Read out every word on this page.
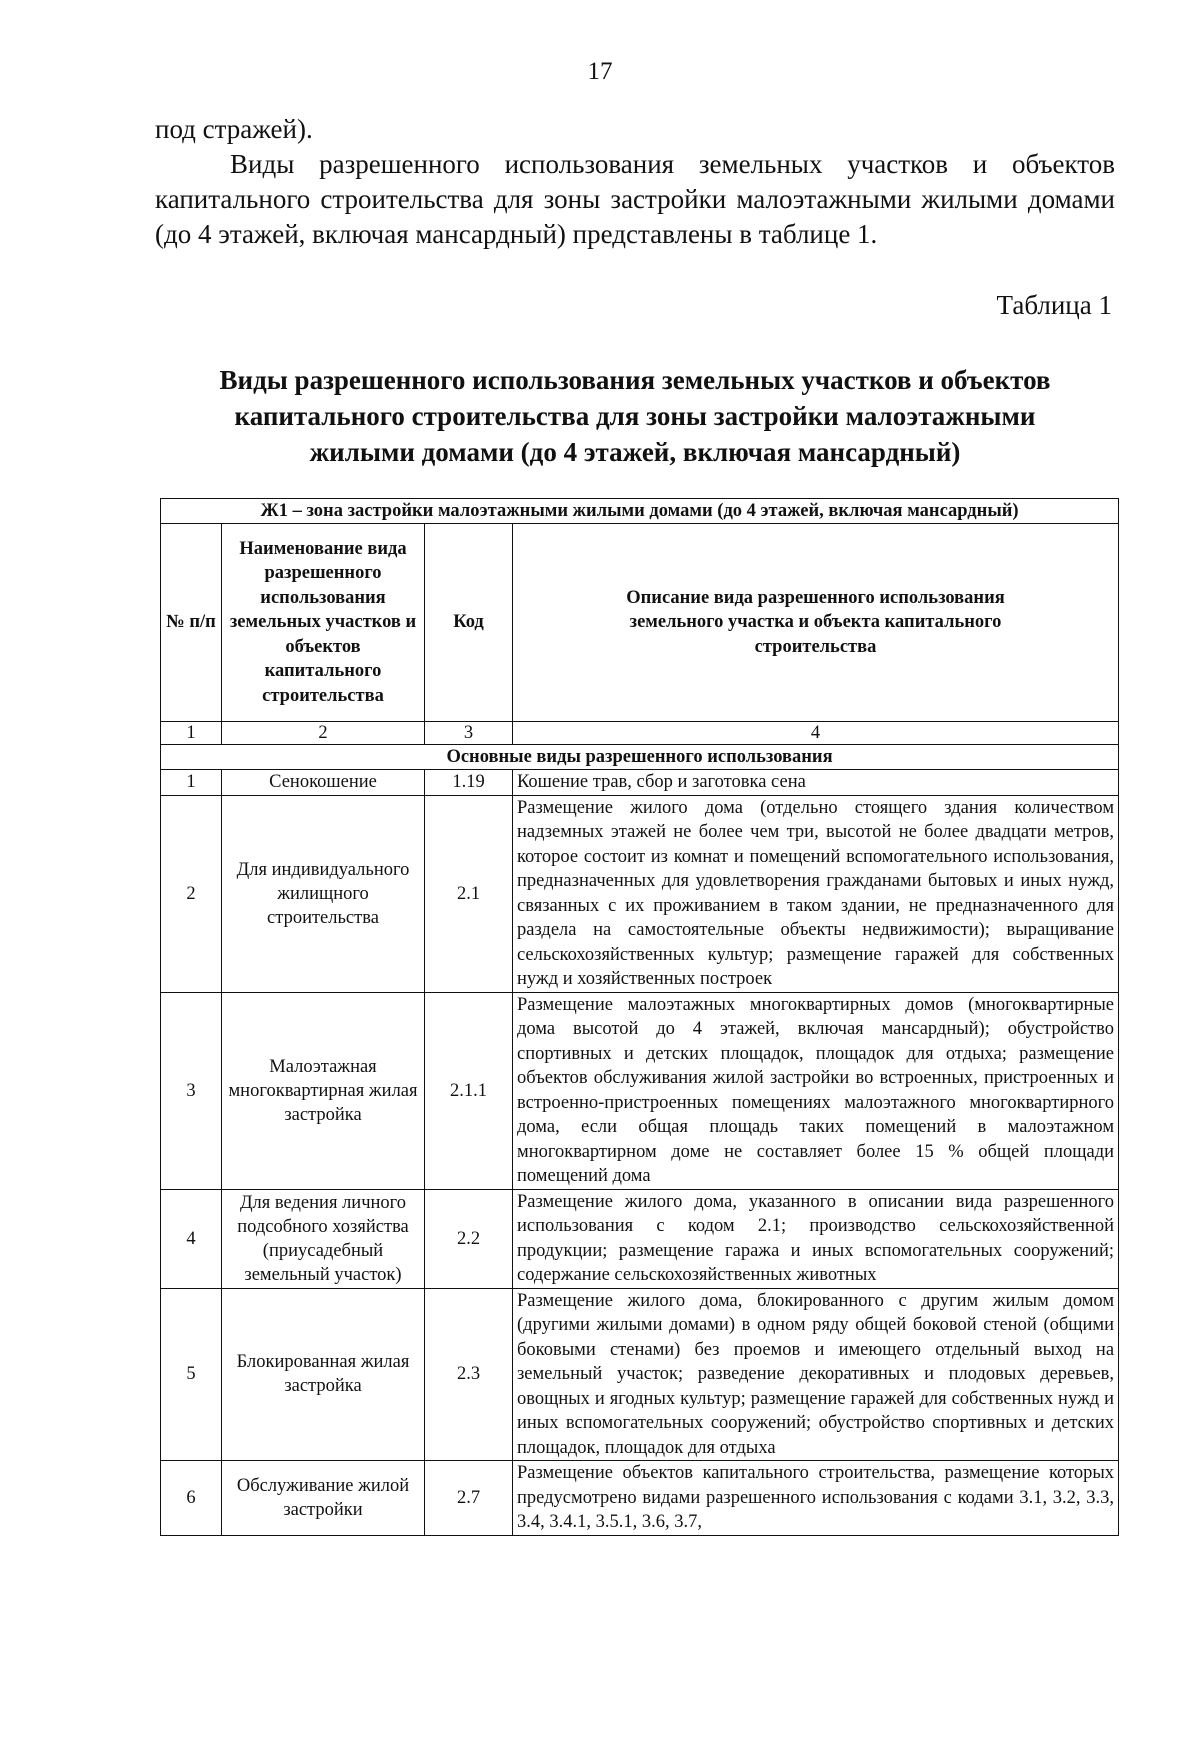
17

под стражей).

Виды разрешенного использования земельных участков и объектов капитального строительства для зоны застройки малоэтажными жилыми домами (до 4 этажей, включая мансардный) представлены в таблице 1.

Таблица 1
Виды разрешенного использования земельных участков и объектов
капитального строительства для зоны застройки малоэтажными
жилыми домами (до 4 этажей, включая мансардный)
Ж1 – зона застройки малоэтажными жилыми домами (до 4 этажей, включая мансардный)			
№ п/п	Наименование вида разрешенного использования земельных участков и объектов капитального строительства	Код	Описание вида разрешенного использования земельного участка и объекта капитального строительства
1	2	3	4
Основные виды разрешенного использования			
1	Сенокошение	1.19	Кошение трав, сбор и заготовка сена
2	Для индивидуального жилищного строительства	2.1	Размещение жилого дома (отдельно стоящего здания количеством надземных этажей не более чем три, высотой не более двадцати метров, которое состоит из комнат и помещений вспомогательного использования, предназначенных для удовлетворения гражданами бытовых и иных нужд, связанных с их проживанием в таком здании, не предназначенного для раздела на самостоятельные объекты недвижимости); выращивание сельскохозяйственных культур; размещение гаражей для собственных нужд и хозяйственных построек
3	Малоэтажная многоквартирная жилая застройка	2.1.1	Размещение малоэтажных многоквартирных домов (многоквартирные дома высотой до 4 этажей, включая мансардный); обустройство спортивных и детских площадок, площадок для отдыха; размещение объектов обслуживания жилой застройки во встроенных, пристроенных и встроенно-пристроенных помещениях малоэтажного многоквартирного дома, если общая площадь таких помещений в малоэтажном многоквартирном доме не составляет более 15 % общей площади помещений дома
4	Для ведения личного подсобного хозяйства (приусадебный земельный участок)	2.2	Размещение жилого дома, указанного в описании вида разрешенного использования с кодом 2.1; производство сельскохозяйственной продукции; размещение гаража и иных вспомогательных сооружений; содержание сельскохозяйственных животных
5	Блокированная жилая застройка	2.3	Размещение жилого дома, блокированного с другим жилым домом (другими жилыми домами) в одном ряду общей боковой стеной (общими боковыми стенами) без проемов и имеющего отдельный выход на земельный участок; разведение декоративных и плодовых деревьев, овощных и ягодных культур; размещение гаражей для собственных нужд и иных вспомогательных сооружений; обустройство спортивных и детских площадок, площадок для отдыха
6	Обслуживание жилой застройки	2.7	Размещение объектов капитального строительства, размещение которых предусмотрено видами разрешенного использования с кодами 3.1, 3.2, 3.3, 3.4, 3.4.1, 3.5.1, 3.6, 3.7,
